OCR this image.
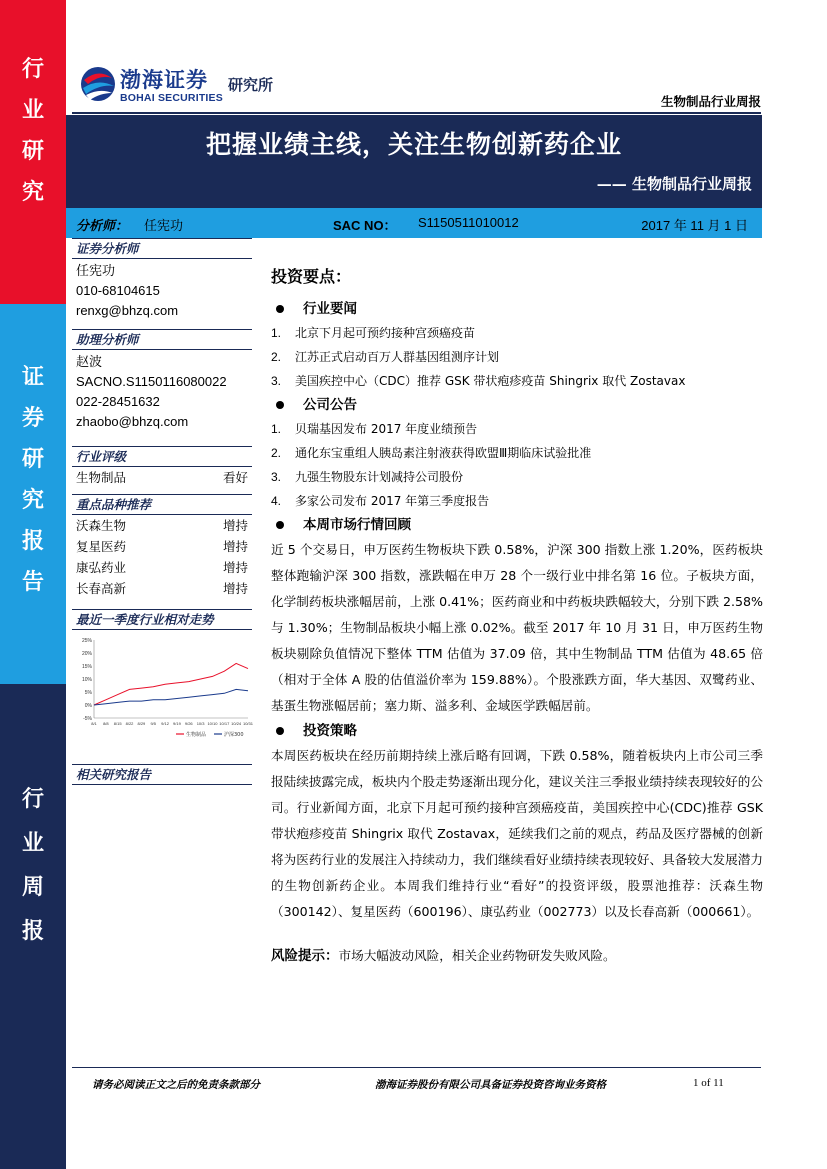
行
业
研
究
证
券
研
究
报
告
行
业
周
报
渤海证券
BOHAI SECURITIES
研究所
生物制品行业周报
把握业绩主线，关注生物创新药企业
—— 生物制品行业周报
分析师： 任宪功	SAC NO： S1150511010012	2017 年 11 月 1 日
证券分析师
任宪功
010-68104615
renxg@bhzq.com
助理分析师
赵波
SACNO.S1150116080022
022-28451632
zhaobo@bhzq.com
行业评级
生物制品	看好
重点品种推荐
沃森生物	增持
复星医药	增持
康弘药业	增持
长春高新	增持
最近一季度行业相对走势
25%
20%
15%
10%
5%
0%
-5%
8/1 8/8 8/15 8/22 8/29 9/5 9/12 9/19 9/26 10/3 10/10 10/17 10/24 10/31
生物制品	沪深300
相关研究报告
投资要点：
行业要闻
1.	北京下月起可预约接种宫颈癌疫苗
2.	江苏正式启动百万人群基因组测序计划
3.	美国疾控中心（CDC）推荐 GSK 带状疱疹疫苗 Shingrix 取代 Zostavax
公司公告
1.	贝瑞基因发布 2017 年度业绩预告
2.	通化东宝重组人胰岛素注射液获得欧盟Ⅲ期临床试验批准
3.	九强生物股东计划减持公司股份
4.	多家公司发布 2017 年第三季度报告
本周市场行情回顾
近 5 个交易日，申万医药生物板块下跌 0.58%，沪深 300 指数上涨 1.20%，医药板块整体跑输沪深 300 指数，涨跌幅在申万 28 个一级行业中排名第 16 位。子板块方面，化学制药板块涨幅居前，上涨 0.41%；医药商业和中药板块跌幅较大，分别下跌 2.58%与 1.30%；生物制品板块小幅上涨 0.02%。截至 2017 年 10 月 31 日，申万医药生物板块剔除负值情况下整体 TTM 估值为 37.09 倍，其中生物制品 TTM 估值为 48.65 倍（相对于全体 A 股的估值溢价率为 159.88%）。个股涨跌方面，华大基因、双鹭药业、基蛋生物涨幅居前；塞力斯、溢多利、金域医学跌幅居前。
投资策略
本周医药板块在经历前期持续上涨后略有回调，下跌 0.58%，随着板块内上市公司三季报陆续披露完成，板块内个股走势逐渐出现分化，建议关注三季报业绩持续表现较好的公司。行业新闻方面，北京下月起可预约接种宫颈癌疫苗，美国疾控中心(CDC)推荐 GSK 带状疱疹疫苗 Shingrix 取代 Zostavax，延续我们之前的观点，药品及医疗器械的创新将为医药行业的发展注入持续动力，我们继续看好业绩持续表现较好、具备较大发展潜力的生物创新药企业。本周我们维持行业“看好”的投资评级，股票池推荐：沃森生物（300142）、复星医药（600196）、康弘药业（002773）以及长春高新（000661）。
风险提示：市场大幅波动风险，相关企业药物研发失败风险。
请务必阅读正文之后的免责条款部分	渤海证券股份有限公司具备证券投资咨询业务资格	1 of 11
